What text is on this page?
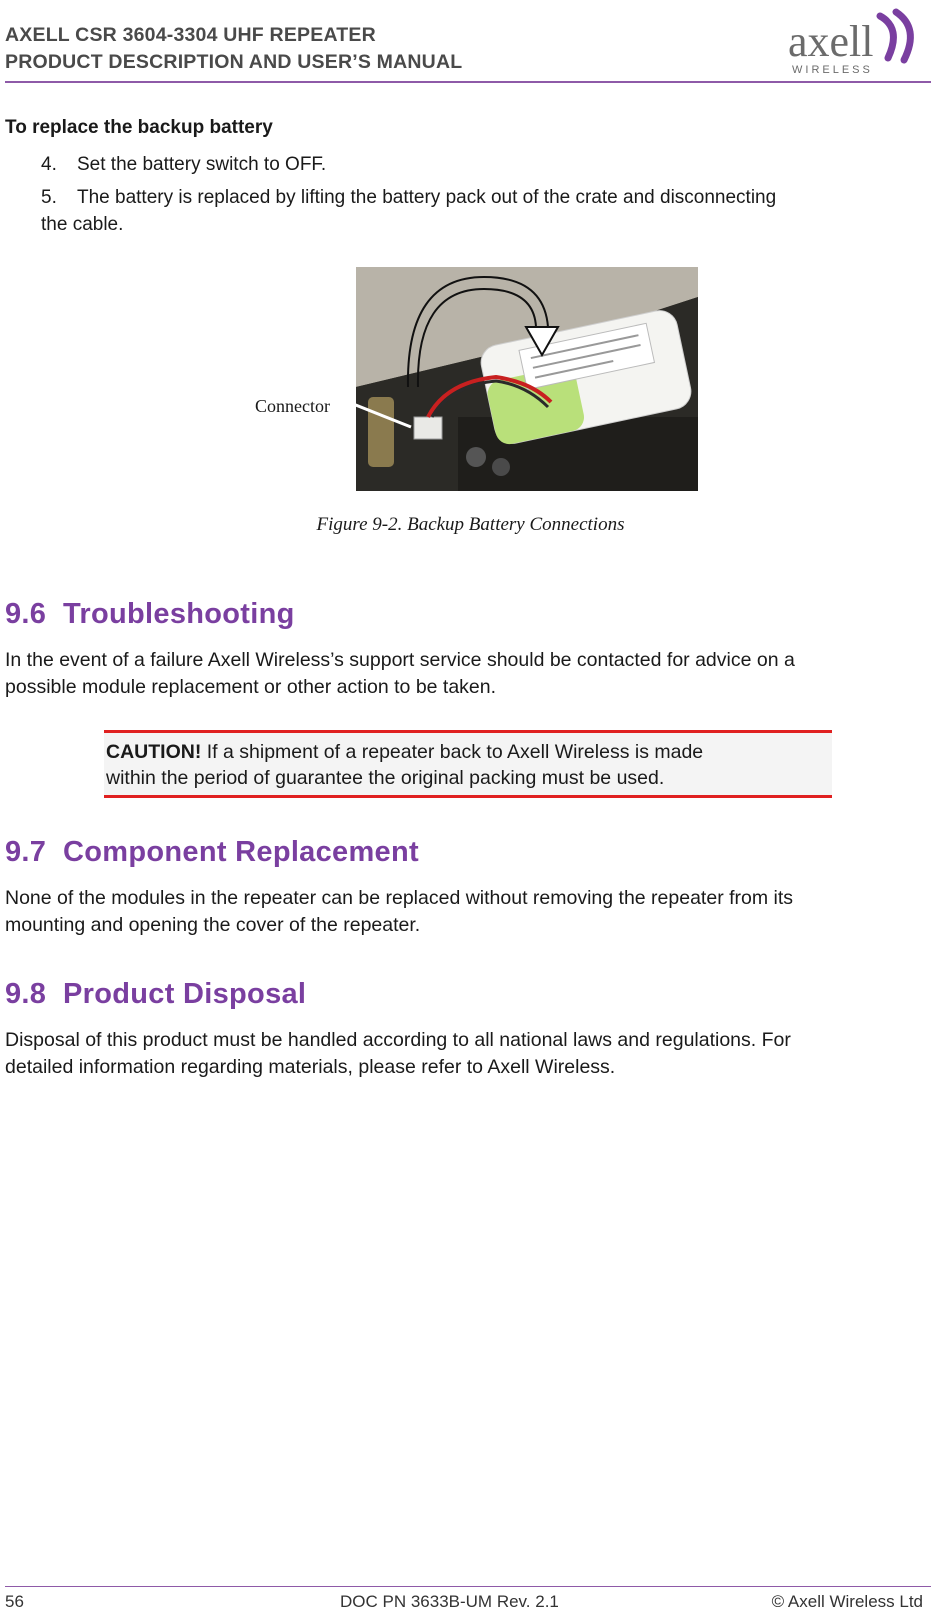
AXELL CSR 3604-3304 UHF REPEATER
PRODUCT DESCRIPTION AND USER’S MANUAL	axell
WIRELESS
To replace the backup battery
4. Set the battery switch to OFF.
5. The battery is replaced by lifting the battery pack out of the crate and disconnecting
the cable.
Connector
Figure 9-2. Backup Battery Connections
9.6 Troubleshooting
In the event of a failure Axell Wireless’s support service should be contacted for advice on a
possible module replacement or other action to be taken.
CAUTION! If a shipment of a repeater back to Axell Wireless is made
within the period of guarantee the original packing must be used.
9.7 Component Replacement
None of the modules in the repeater can be replaced without removing the repeater from its
mounting and opening the cover of the repeater.
9.8 Product Disposal
Disposal of this product must be handled according to all national laws and regulations. For
detailed information regarding materials, please refer to Axell Wireless.
56	DOC PN 3633B-UM Rev. 2.1	© Axell Wireless Ltd
